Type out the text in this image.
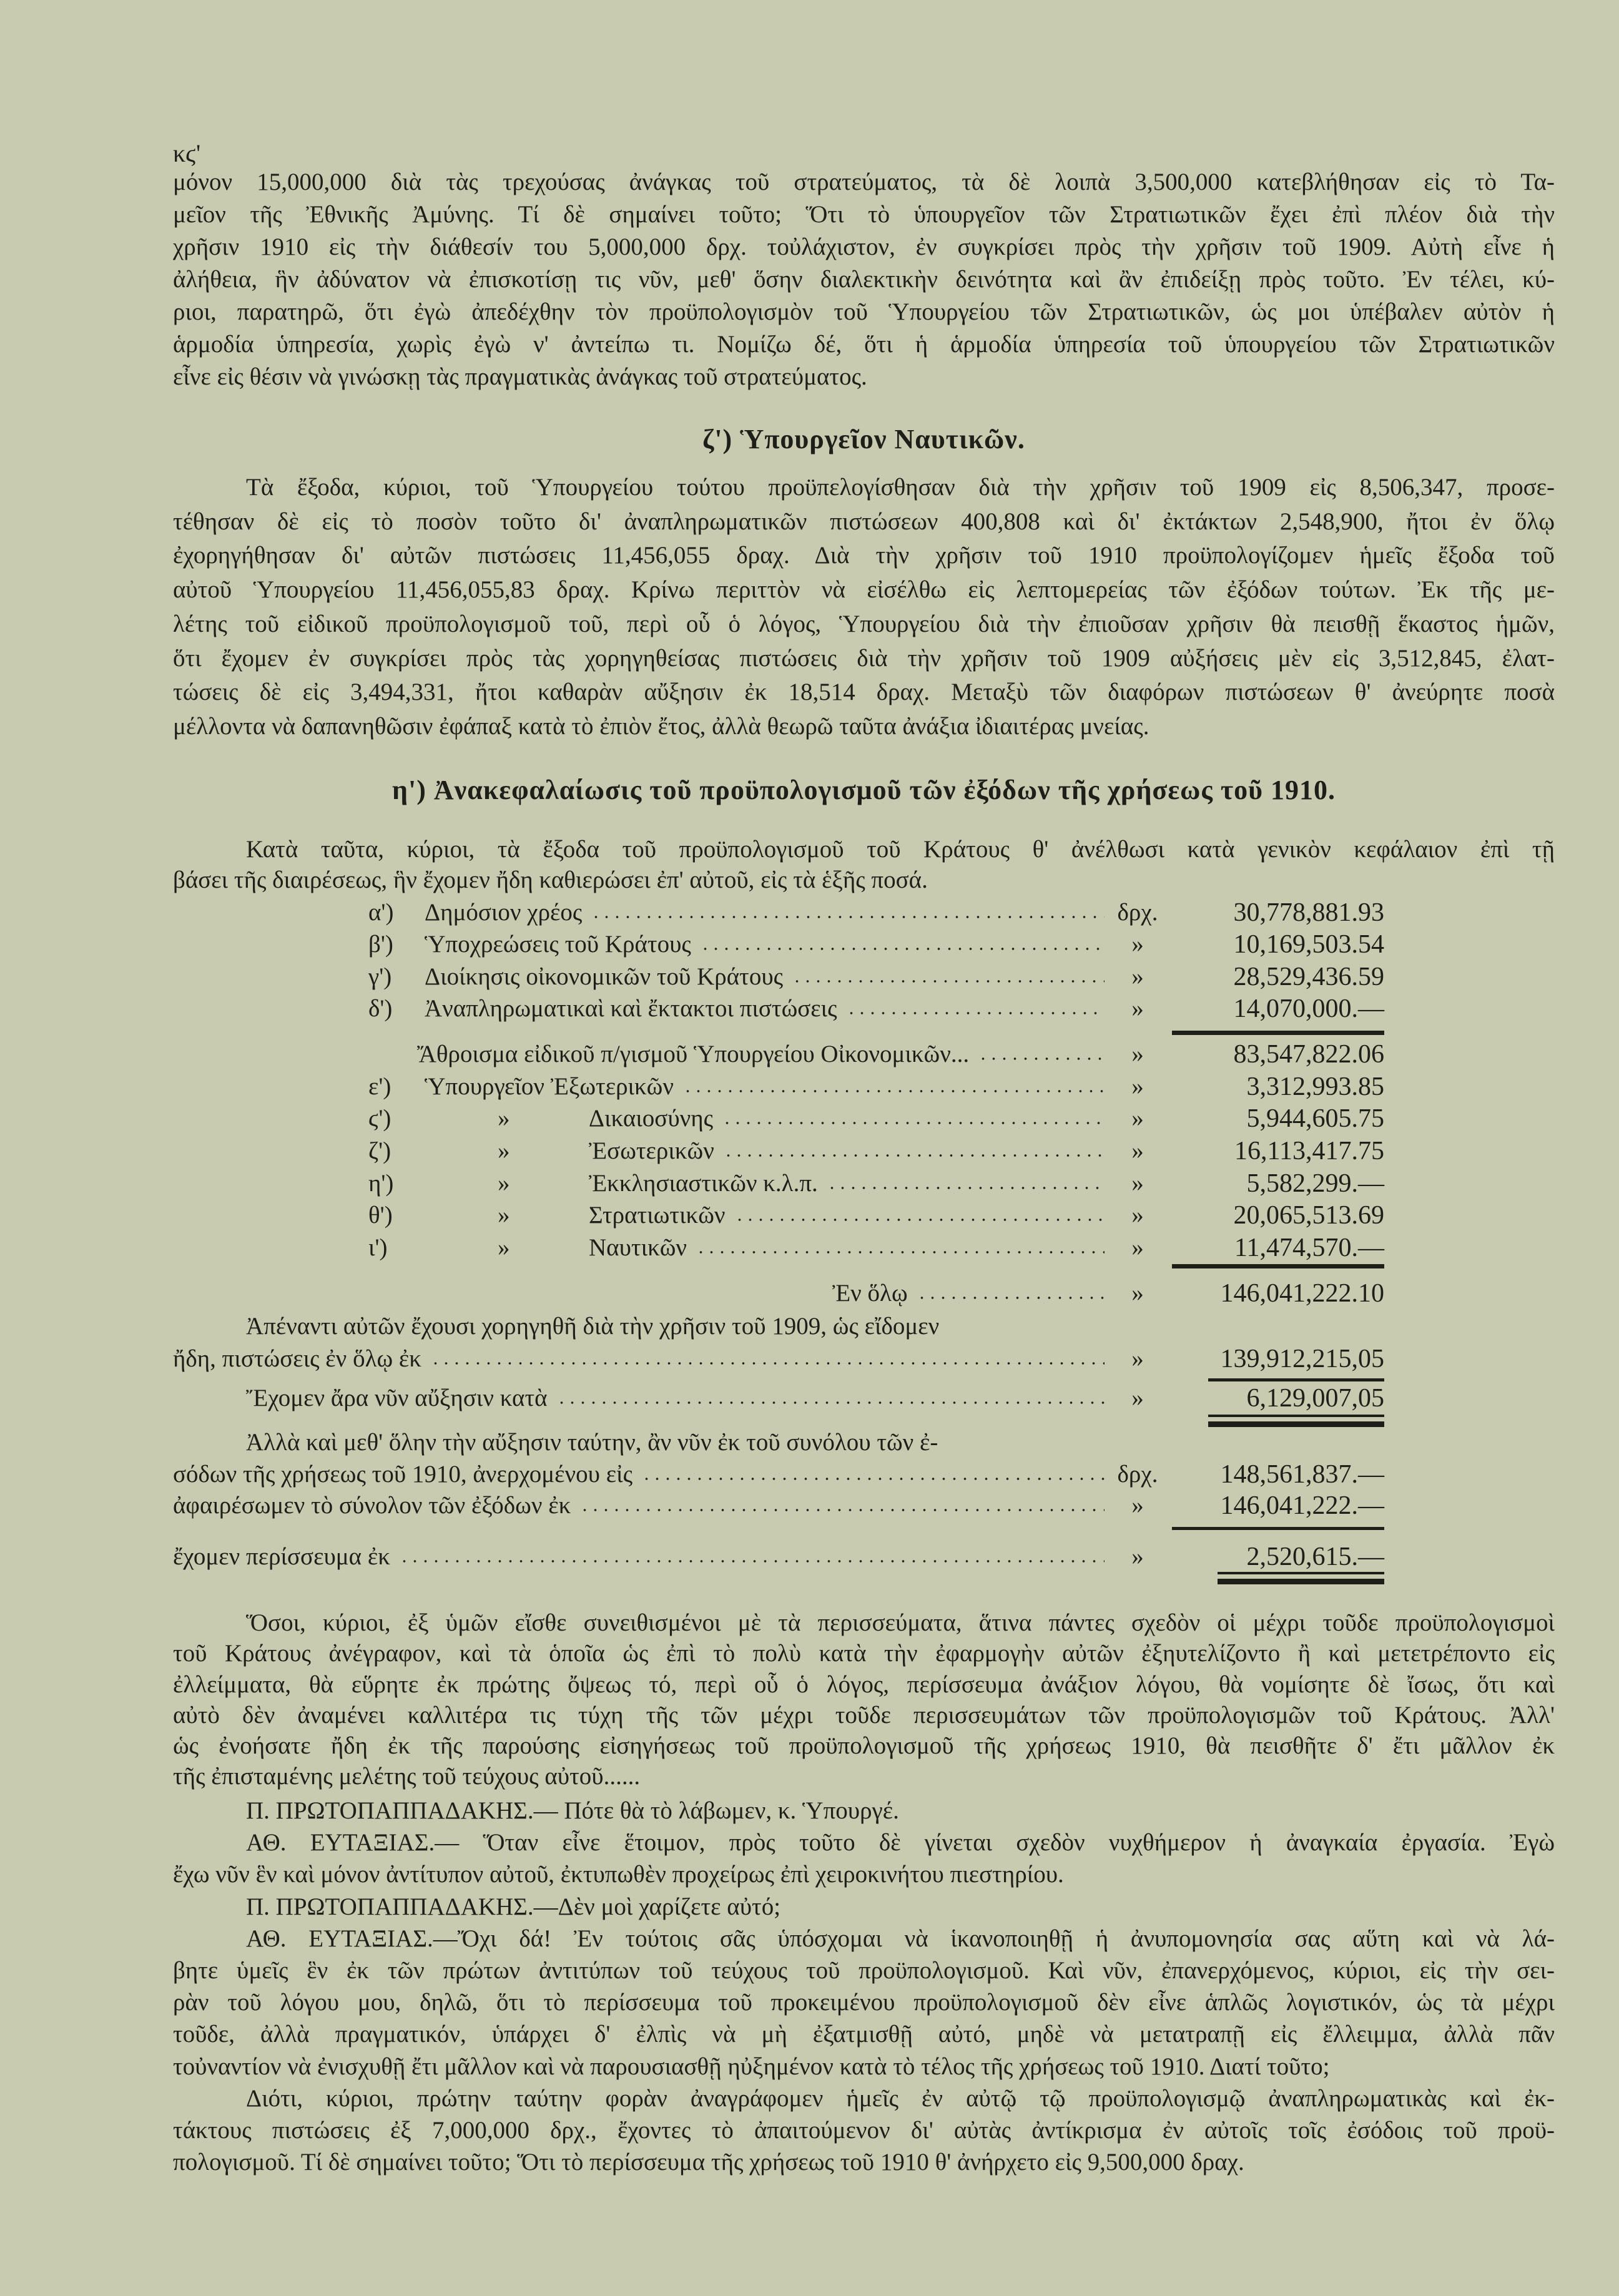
κϛ'
μόνον 15,000,000 διὰ τὰς τρεχούσας ἀνάγκας τοῦ στρατεύματος, τὰ δὲ λοιπὰ 3,500,000 κατεβλήθησαν εἰς τὸ Τα-
μεῖον τῆς Ἐθνικῆς Ἀμύνης. Τί δὲ σημαίνει τοῦτο; Ὅτι τὸ ὑπουργεῖον τῶν Στρατιωτικῶν ἔχει ἐπὶ πλέον διὰ τὴν
χρῆσιν 1910 εἰς τὴν διάθεσίν του 5,000,000 δρχ. τοὐλάχιστον, ἐν συγκρίσει πρὸς τὴν χρῆσιν τοῦ 1909. Αὐτὴ εἶνε ἡ
ἀλήθεια, ἣν ἀδύνατον νὰ ἐπισκοτίσῃ τις νῦν, μεθ' ὅσην διαλεκτικὴν δεινότητα καὶ ἂν ἐπιδείξῃ πρὸς τοῦτο. Ἐν τέλει, κύ-
ριοι, παρατηρῶ, ὅτι ἐγὼ ἀπεδέχθην τὸν προϋπολογισμὸν τοῦ Ὑπουργείου τῶν Στρατιωτικῶν, ὡς μοι ὑπέβαλεν αὐτὸν ἡ
ἁρμοδία ὑπηρεσία, χωρὶς ἐγὼ ν' ἀντείπω τι. Νομίζω δέ, ὅτι ἡ ἁρμοδία ὑπηρεσία τοῦ ὑπουργείου τῶν Στρατιωτικῶν
εἶνε εἰς θέσιν νὰ γινώσκῃ τὰς πραγματικὰς ἀνάγκας τοῦ στρατεύματος.
ζ') Ὑπουργεῖον Ναυτικῶν.
Τὰ ἔξοδα, κύριοι, τοῦ Ὑπουργείου τούτου προϋπελογίσθησαν διὰ τὴν χρῆσιν τοῦ 1909 εἰς 8,506,347, προσε-
τέθησαν δὲ εἰς τὸ ποσὸν τοῦτο δι' ἀναπληρωματικῶν πιστώσεων 400,808 καὶ δι' ἐκτάκτων 2,548,900, ἤτοι ἐν ὅλῳ
ἐχορηγήθησαν δι' αὐτῶν πιστώσεις 11,456,055 δραχ. Διὰ τὴν χρῆσιν τοῦ 1910 προϋπολογίζομεν ἡμεῖς ἔξοδα τοῦ
αὐτοῦ Ὑπουργείου 11,456,055,83 δραχ. Κρίνω περιττὸν νὰ εἰσέλθω εἰς λεπτομερείας τῶν ἐξόδων τούτων. Ἐκ τῆς με-
λέτης τοῦ εἰδικοῦ προϋπολογισμοῦ τοῦ, περὶ οὗ ὁ λόγος, Ὑπουργείου διὰ τὴν ἐπιοῦσαν χρῆσιν θὰ πεισθῇ ἕκαστος ἡμῶν,
ὅτι ἔχομεν ἐν συγκρίσει πρὸς τὰς χορηγηθείσας πιστώσεις διὰ τὴν χρῆσιν τοῦ 1909 αὐξήσεις μὲν εἰς 3,512,845, ἐλατ-
τώσεις δὲ εἰς 3,494,331, ἤτοι καθαρὰν αὔξησιν ἐκ 18,514 δραχ. Μεταξὺ τῶν διαφόρων πιστώσεων θ' ἀνεύρητε ποσὰ
μέλλοντα νὰ δαπανηθῶσιν ἐφάπαξ κατὰ τὸ ἐπιὸν ἔτος, ἀλλὰ θεωρῶ ταῦτα ἀνάξια ἰδιαιτέρας μνείας.
η') Ἀνακεφαλαίωσις τοῦ προϋπολογισμοῦ τῶν ἐξόδων τῆς χρήσεως τοῦ 1910.
Κατὰ ταῦτα, κύριοι, τὰ ἔξοδα τοῦ προϋπολογισμοῦ τοῦ Κράτους θ' ἀνέλθωσι κατὰ γενικὸν κεφάλαιον ἐπὶ τῇ
βάσει τῆς διαιρέσεως, ἣν ἔχομεν ἤδη καθιερώσει ἐπ' αὐτοῦ, εἰς τὰ ἑξῆς ποσά.
α')	Δημόσιον χρέος	δρχ.	30,778,881.93
β')	Ὑποχρεώσεις τοῦ Κράτους	»	10,169,503.54
γ')	Διοίκησις οἰκονομικῶν τοῦ Κράτους	»	28,529,436.59
δ')	Ἀναπληρωματικαὶ καὶ ἔκτακτοι πιστώσεις	»	14,070,000.—
Ἄθροισμα εἰδικοῦ π/γισμοῦ Ὑπουργείου Οἰκονομικῶν...	»	83,547,822.06
ε')	Ὑπουργεῖον Ἐξωτερικῶν	»	3,312,993.85
ϛ')	»	Δικαιοσύνης	»	5,944,605.75
ζ')	»	Ἐσωτερικῶν	»	16,113,417.75
η')	»	Ἐκκλησιαστικῶν κ.λ.π.	»	5,582,299.—
θ')	»	Στρατιωτικῶν	»	20,065,513.69
ι')	»	Ναυτικῶν	»	11,474,570.—
Ἐν ὅλῳ	»	146,041,222.10
Ἀπέναντι αὐτῶν ἔχουσι χορηγηθῆ διὰ τὴν χρῆσιν τοῦ 1909, ὡς εἴδομεν
ἤδη, πιστώσεις ἐν ὅλῳ ἐκ	»	139,912,215,05
Ἔχομεν ἄρα νῦν αὔξησιν κατὰ	»	6,129,007,05
Ἀλλὰ καὶ μεθ' ὅλην τὴν αὔξησιν ταύτην, ἂν νῦν ἐκ τοῦ συνόλου τῶν ἐ-
σόδων τῆς χρήσεως τοῦ 1910, ἀνερχομένου εἰς	δρχ.	148,561,837.—
ἀφαιρέσωμεν τὸ σύνολον τῶν ἐξόδων ἐκ	»	146,041,222.—
ἔχομεν περίσσευμα ἐκ	»	2,520,615.—
Ὅσοι, κύριοι, ἐξ ὑμῶν εἴσθε συνειθισμένοι μὲ τὰ περισσεύματα, ἅτινα πάντες σχεδὸν οἱ μέχρι τοῦδε προϋπολογισμοὶ
τοῦ Κράτους ἀνέγραφον, καὶ τὰ ὁποῖα ὡς ἐπὶ τὸ πολὺ κατὰ τὴν ἐφαρμογὴν αὐτῶν ἐξηυτελίζοντο ἢ καὶ μετετρέποντο εἰς
ἐλλείμματα, θὰ εὕρητε ἐκ πρώτης ὄψεως τό, περὶ οὗ ὁ λόγος, περίσσευμα ἀνάξιον λόγου, θὰ νομίσητε δὲ ἴσως, ὅτι καὶ
αὐτὸ δὲν ἀναμένει καλλιτέρα τις τύχη τῆς τῶν μέχρι τοῦδε περισσευμάτων τῶν προϋπολογισμῶν τοῦ Κράτους. Ἀλλ'
ὡς ἐνοήσατε ἤδη ἐκ τῆς παρούσης εἰσηγήσεως τοῦ προϋπολογισμοῦ τῆς χρήσεως 1910, θὰ πεισθῆτε δ' ἔτι μᾶλλον ἐκ
τῆς ἐπισταμένης μελέτης τοῦ τεύχους αὐτοῦ......
Π. ΠΡΩΤΟΠΑΠΠΑΔΑΚΗΣ.— Πότε θὰ τὸ λάβωμεν, κ. Ὑπουργέ.
ΑΘ. ΕΥΤΑΞΙΑΣ.— Ὅταν εἶνε ἕτοιμον, πρὸς τοῦτο δὲ γίνεται σχεδὸν νυχθήμερον ἡ ἀναγκαία ἐργασία. Ἐγὼ
ἔχω νῦν ἓν καὶ μόνον ἀντίτυπον αὐτοῦ, ἐκτυπωθὲν προχείρως ἐπὶ χειροκινήτου πιεστηρίου.
Π. ΠΡΩΤΟΠΑΠΠΑΔΑΚΗΣ.—Δὲν μοὶ χαρίζετε αὐτό;
ΑΘ. ΕΥΤΑΞΙΑΣ.—Ὄχι δά! Ἐν τούτοις σᾶς ὑπόσχομαι νὰ ἱκανοποιηθῇ ἡ ἀνυπομονησία σας αὕτη καὶ νὰ λά-
βητε ὑμεῖς ἓν ἐκ τῶν πρώτων ἀντιτύπων τοῦ τεύχους τοῦ προϋπολογισμοῦ. Καὶ νῦν, ἐπανερχόμενος, κύριοι, εἰς τὴν σει-
ρὰν τοῦ λόγου μου, δηλῶ, ὅτι τὸ περίσσευμα τοῦ προκειμένου προϋπολογισμοῦ δὲν εἶνε ἁπλῶς λογιστικόν, ὡς τὰ μέχρι
τοῦδε, ἀλλὰ πραγματικόν, ὑπάρχει δ' ἐλπὶς νὰ μὴ ἐξατμισθῇ αὐτό, μηδὲ νὰ μετατραπῇ εἰς ἔλλειμμα, ἀλλὰ πᾶν
τοὐναντίον νὰ ἐνισχυθῇ ἔτι μᾶλλον καὶ νὰ παρουσιασθῇ ηὐξημένον κατὰ τὸ τέλος τῆς χρήσεως τοῦ 1910. Διατί τοῦτο;
Διότι, κύριοι, πρώτην ταύτην φορὰν ἀναγράφομεν ἡμεῖς ἐν αὐτῷ τῷ προϋπολογισμῷ ἀναπληρωματικὰς καὶ ἐκ-
τάκτους πιστώσεις ἐξ 7,000,000 δρχ., ἔχοντες τὸ ἀπαιτούμενον δι' αὐτὰς ἀντίκρισμα ἐν αὐτοῖς τοῖς ἐσόδοις τοῦ προϋ-
πολογισμοῦ. Τί δὲ σημαίνει τοῦτο; Ὅτι τὸ περίσσευμα τῆς χρήσεως τοῦ 1910 θ' ἀνήρχετο εἰς 9,500,000 δραχ.
